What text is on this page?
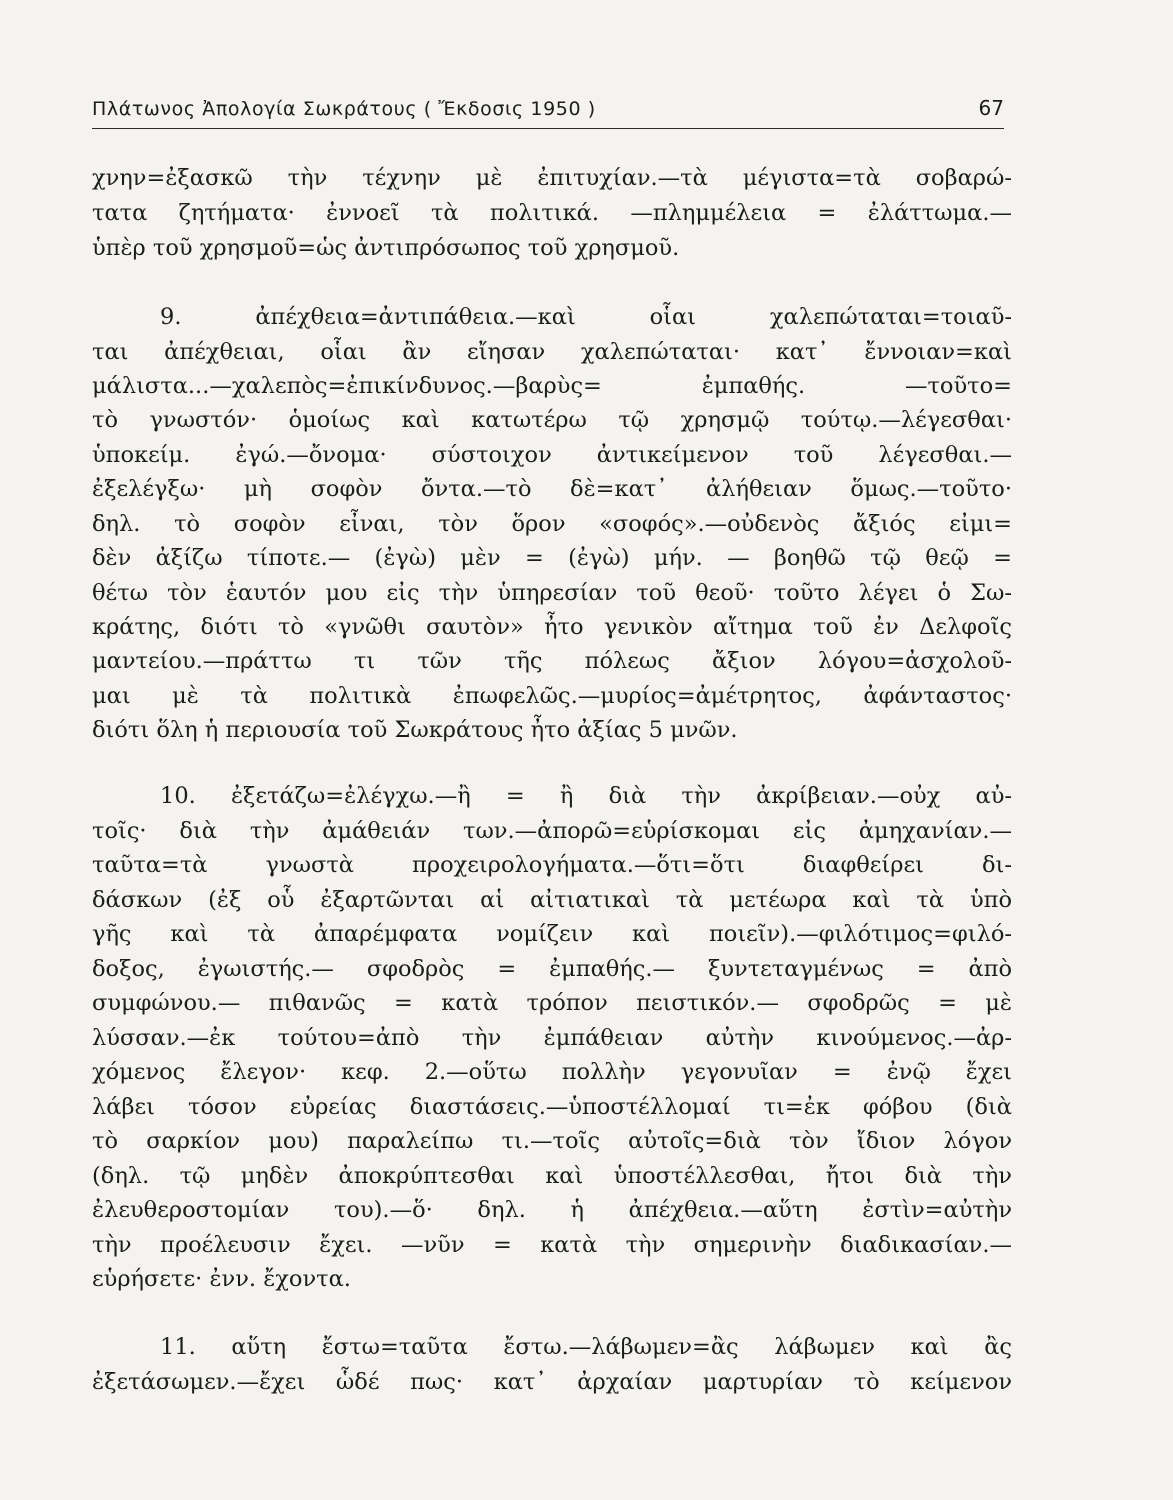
Πλάτωνος Ἀπολογία Σωκράτους ( Ἔκδοσις 1950 )	67
χνην=ἐξασκῶ τὴν τέχνην μὲ ἐπιτυχίαν.—τὰ μέγιστα=τὰ σοβαρώ-
τατα ζητήματα· ἐννοεῖ τὰ πολιτικά. —πλημμέλεια = ἐλάττωμα.—
ὑπὲρ τοῦ χρησμοῦ=ὡς ἀντιπρόσωπος τοῦ χρησμοῦ.
9. ἀπέχθεια=ἀντιπάθεια.—καὶ οἷαι χαλεπώταται=τοιαῦ-
ται ἀπέχθειαι, οἷαι ἂν εἴησαν χαλεπώταται· κατ᾽ ἔννοιαν=καὶ
μάλιστα...—χαλεπὸς=ἐπικίνδυνος.—βαρὺς= ἐμπαθής. —τοῦτο=
τὸ γνωστόν· ὁμοίως καὶ κατωτέρω τῷ χρησμῷ τούτῳ.—λέγεσθαι·
ὑποκείμ. ἐγώ.—ὄνομα· σύστοιχον ἀντικείμενον τοῦ λέγεσθαι.—
ἐξελέγξω· μὴ σοφὸν ὄντα.—τὸ δὲ=κατ᾽ ἀλήθειαν ὅμως.—τοῦτο·
δηλ. τὸ σοφὸν εἶναι, τὸν ὅρον «σοφός».—οὐδενὸς ἄξιός εἰμι=
δὲν ἀξίζω τίποτε.— (ἐγὼ) μὲν = (ἐγὼ) μήν. — βοηθῶ τῷ θεῷ =
θέτω τὸν ἑαυτόν μου εἰς τὴν ὑπηρεσίαν τοῦ θεοῦ· τοῦτο λέγει ὁ Σω-
κράτης, διότι τὸ «γνῶθι σαυτὸν» ἦτο γενικὸν αἴτημα τοῦ ἐν Δελφοῖς
μαντείου.—πράττω τι τῶν τῆς πόλεως ἄξιον λόγου=ἀσχολοῦ-
μαι μὲ τὰ πολιτικὰ ἐπωφελῶς.—μυρίος=ἀμέτρητος, ἀφάνταστος·
διότι ὅλη ἡ περιουσία τοῦ Σωκράτους ἦτο ἀξίας 5 μνῶν.
10. ἐξετάζω=ἐλέγχω.—ἢ = ἢ διὰ τὴν ἀκρίβειαν.—οὐχ αὐ-
τοῖς· διὰ τὴν ἀμάθειάν των.—ἀπορῶ=εὑρίσκομαι εἰς ἀμηχανίαν.—
ταῦτα=τὰ γνωστὰ προχειρολογήματα.—ὅτι=ὅτι διαφθείρει δι-
δάσκων (ἐξ οὗ ἐξαρτῶνται αἱ αἰτιατικαὶ τὰ μετέωρα καὶ τὰ ὑπὸ
γῆς καὶ τὰ ἀπαρέμφατα νομίζειν καὶ ποιεῖν).—φιλότιμος=φιλό-
δοξος, ἐγωιστής.— σφοδρὸς = ἐμπαθής.— ξυντεταγμένως = ἀπὸ
συμφώνου.— πιθανῶς = κατὰ τρόπον πειστικόν.— σφοδρῶς = μὲ
λύσσαν.—ἐκ τούτου=ἀπὸ τὴν ἐμπάθειαν αὐτὴν κινούμενος.—ἀρ-
χόμενος ἔλεγον· κεφ. 2.—οὕτω πολλὴν γεγονυῖαν = ἐνῷ ἔχει
λάβει τόσον εὐρείας διαστάσεις.—ὑποστέλλομαί τι=ἐκ φόβου (διὰ
τὸ σαρκίον μου) παραλείπω τι.—τοῖς αὐτοῖς=διὰ τὸν ἴδιον λόγον
(δηλ. τῷ μηδὲν ἀποκρύπτεσθαι καὶ ὑποστέλλεσθαι, ἤτοι διὰ τὴν
ἐλευθεροστομίαν του).—ὅ· δηλ. ἡ ἀπέχθεια.—αὕτη ἐστὶν=αὐτὴν
τὴν προέλευσιν ἔχει. —νῦν = κατὰ τὴν σημερινὴν διαδικασίαν.—
εὑρήσετε· ἐνν. ἔχοντα.
11. αὕτη ἔστω=ταῦτα ἔστω.—λάβωμεν=ἂς λάβωμεν καὶ ἂς
ἐξετάσωμεν.—ἔχει ὧδέ πως· κατ᾽ ἀρχαίαν μαρτυρίαν τὸ κείμενον
